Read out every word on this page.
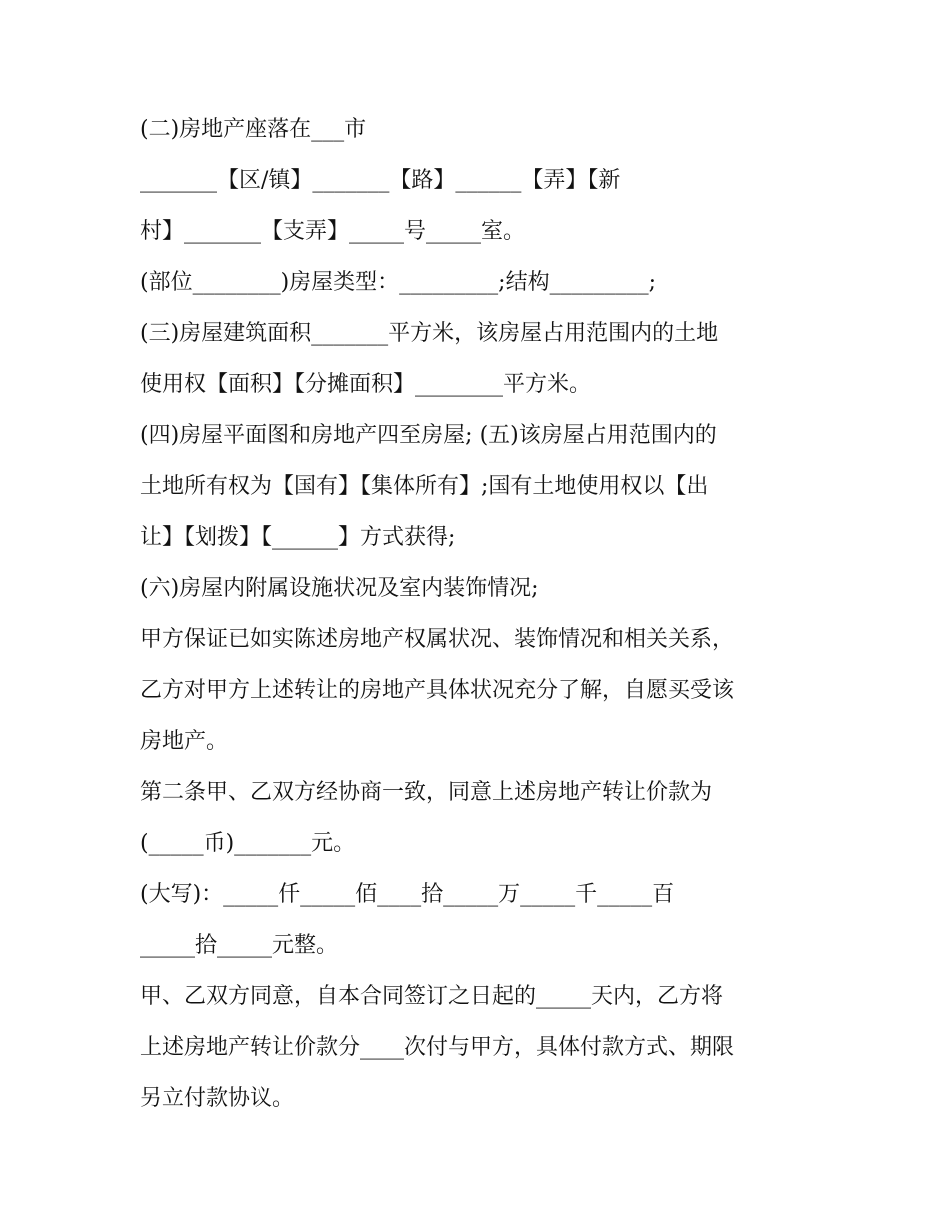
(二)房地产座落在___市
_______【区/镇】_______【路】______【弄】【新
村】_______【支弄】_____号_____室。
(部位________)房屋类型：_________;结构_________;
(三)房屋建筑面积_______平方米，该房屋占用范围内的土地
使用权【面积】【分摊面积】________平方米。
(四)房屋平面图和房地产四至房屋; (五)该房屋占用范围内的
土地所有权为【国有】【集体所有】;国有土地使用权以【出
让】【划拨】【______】方式获得;
(六)房屋内附属设施状况及室内装饰情况;
甲方保证已如实陈述房地产权属状况、装饰情况和相关关系，
乙方对甲方上述转让的房地产具体状况充分了解，自愿买受该
房地产。
第二条甲、乙双方经协商一致，同意上述房地产转让价款为
(_____币)_______元。
(大写)：_____仟_____佰____拾_____万_____千_____百
_____拾_____元整。
甲、乙双方同意，自本合同签订之日起的_____天内，乙方将
上述房地产转让价款分____次付与甲方，具体付款方式、期限
另立付款协议。
